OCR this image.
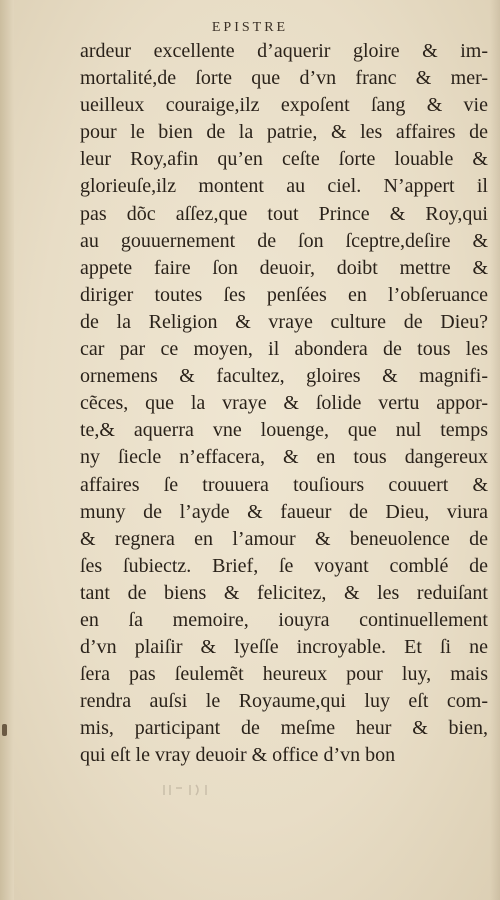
EPISTRE
ardeur excellente d’aquerir gloire & im-
mortalité,de ſorte que d’vn franc & mer-
ueilleux couraige,ilz expoſent ſang & vie
pour le bien de la patrie, & les affaires de
leur Roy,afin qu’en ceſte ſorte louable &
glorieuſe,ilz montent au ciel. N’appert il
pas dõc aſſez,que tout Prince & Roy,qui
au gouuernement de ſon ſceptre,deſire &
appete faire ſon deuoir, doibt mettre &
diriger toutes ſes penſées en l’obſeruance
de la Religion & vraye culture de Dieu?
car par ce moyen, il abondera de tous les
ornemens & facultez, gloires & magnifi-
cẽces, que la vraye & ſolide vertu appor-
te,& aquerra vne louenge, que nul temps
ny ſiecle n’effacera, & en tous dangereux
affaires ſe trouuera touſiours couuert &
muny de l’ayde & faueur de Dieu, viura
& regnera en l’amour & beneuolence de
ſes ſubiectz. Brief, ſe voyant comblé de
tant de biens & felicitez, & les reduiſant
en ſa memoire, iouyra continuellement
d’vn plaiſir & lyeſſe incroyable. Et ſi ne
ſera pas ſeulemẽt heureux pour luy, mais
rendra auſsi le Royaume,qui luy eſt com-
mis, participant de meſme heur & bien,
qui eſt le vray deuoir & office d’vn bon
